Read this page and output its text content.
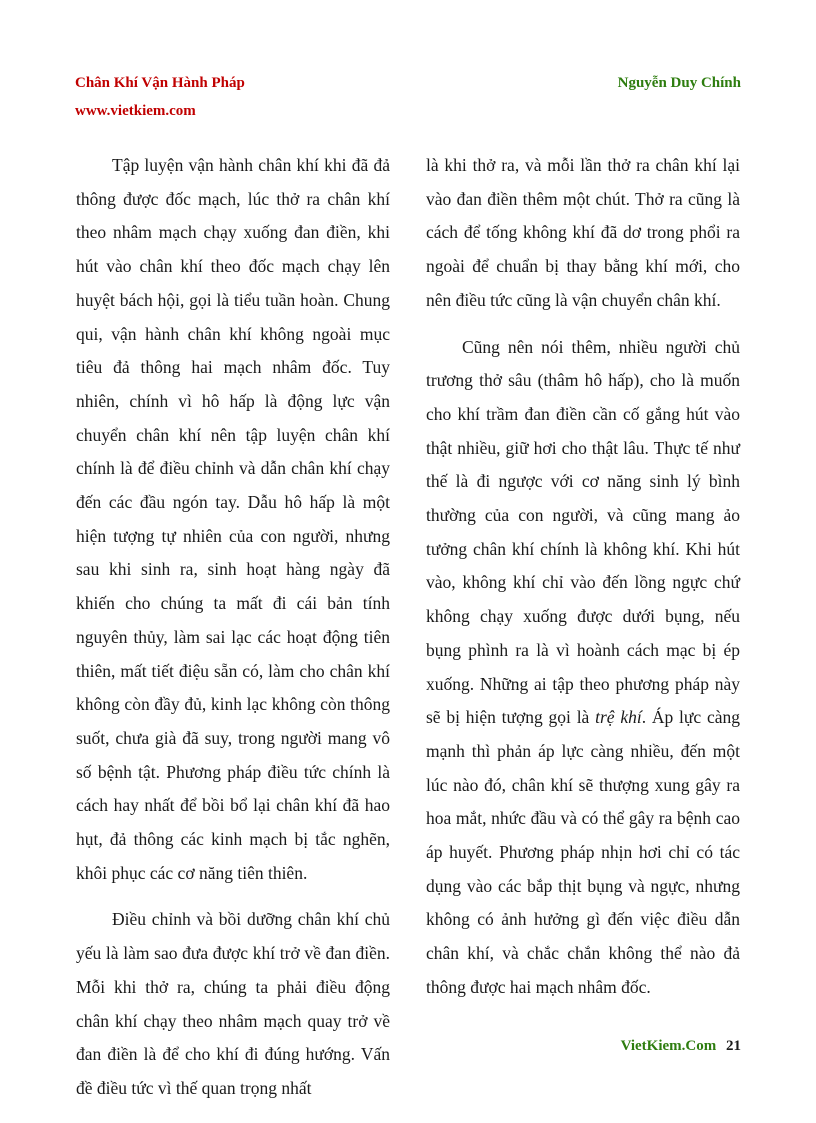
Chân Khí Vận Hành Pháp
www.vietkiem.com
Nguyễn Duy Chính

Tập luyện vận hành chân khí khi đã đả thông được đốc mạch, lúc thở ra chân khí theo nhâm mạch chạy xuống đan điền, khi hút vào chân khí theo đốc mạch chạy lên huyệt bách hội, gọi là tiểu tuần hoàn. Chung qui, vận hành chân khí không ngoài mục tiêu đả thông hai mạch nhâm đốc. Tuy nhiên, chính vì hô hấp là động lực vận chuyển chân khí nên tập luyện chân khí chính là để điều chỉnh và dẫn chân khí chạy đến các đầu ngón tay. Dẫu hô hấp là một hiện tượng tự nhiên của con người, nhưng sau khi sinh ra, sinh hoạt hàng ngày đã khiến cho chúng ta mất đi cái bản tính nguyên thủy, làm sai lạc các hoạt động tiên thiên, mất tiết điệu sẵn có, làm cho chân khí không còn đầy đủ, kinh lạc không còn thông suốt, chưa già đã suy, trong người mang vô số bệnh tật. Phương pháp điều tức chính là cách hay nhất để bồi bổ lại chân khí đã hao hụt, đả thông các kinh mạch bị tắc nghẽn, khôi phục các cơ năng tiên thiên.

Điều chỉnh và bồi dưỡng chân khí chủ yếu là làm sao đưa được khí trở về đan điền. Mỗi khi thở ra, chúng ta phải điều động chân khí chạy theo nhâm mạch quay trở về đan điền là để cho khí đi đúng hướng. Vấn đề điều tức vì thế quan trọng nhất

là khi thở ra, và mỗi lần thở ra chân khí lại vào đan điền thêm một chút. Thở ra cũng là cách để tống không khí đã dơ trong phổi ra ngoài để chuẩn bị thay bằng khí mới, cho nên điều tức cũng là vận chuyển chân khí.

Cũng nên nói thêm, nhiều người chủ trương thở sâu (thâm hô hấp), cho là muốn cho khí trầm đan điền cần cố gắng hút vào thật nhiều, giữ hơi cho thật lâu. Thực tế như thế là đi ngược với cơ năng sinh lý bình thường của con người, và cũng mang ảo tưởng chân khí chính là không khí. Khi hút vào, không khí chỉ vào đến lồng ngực chứ không chạy xuống được dưới bụng, nếu bụng phình ra là vì hoành cách mạc bị ép xuống. Những ai tập theo phương pháp này sẽ bị hiện tượng gọi là trệ khí. Áp lực càng mạnh thì phản áp lực càng nhiều, đến một lúc nào đó, chân khí sẽ thượng xung gây ra hoa mắt, nhức đầu và có thể gây ra bệnh cao áp huyết. Phương pháp nhịn hơi chỉ có tác dụng vào các bắp thịt bụng và ngực, nhưng không có ảnh hưởng gì đến việc điều dẫn chân khí, và chắc chắn không thể nào đả thông được hai mạch nhâm đốc.

VietKiem.Com 21
